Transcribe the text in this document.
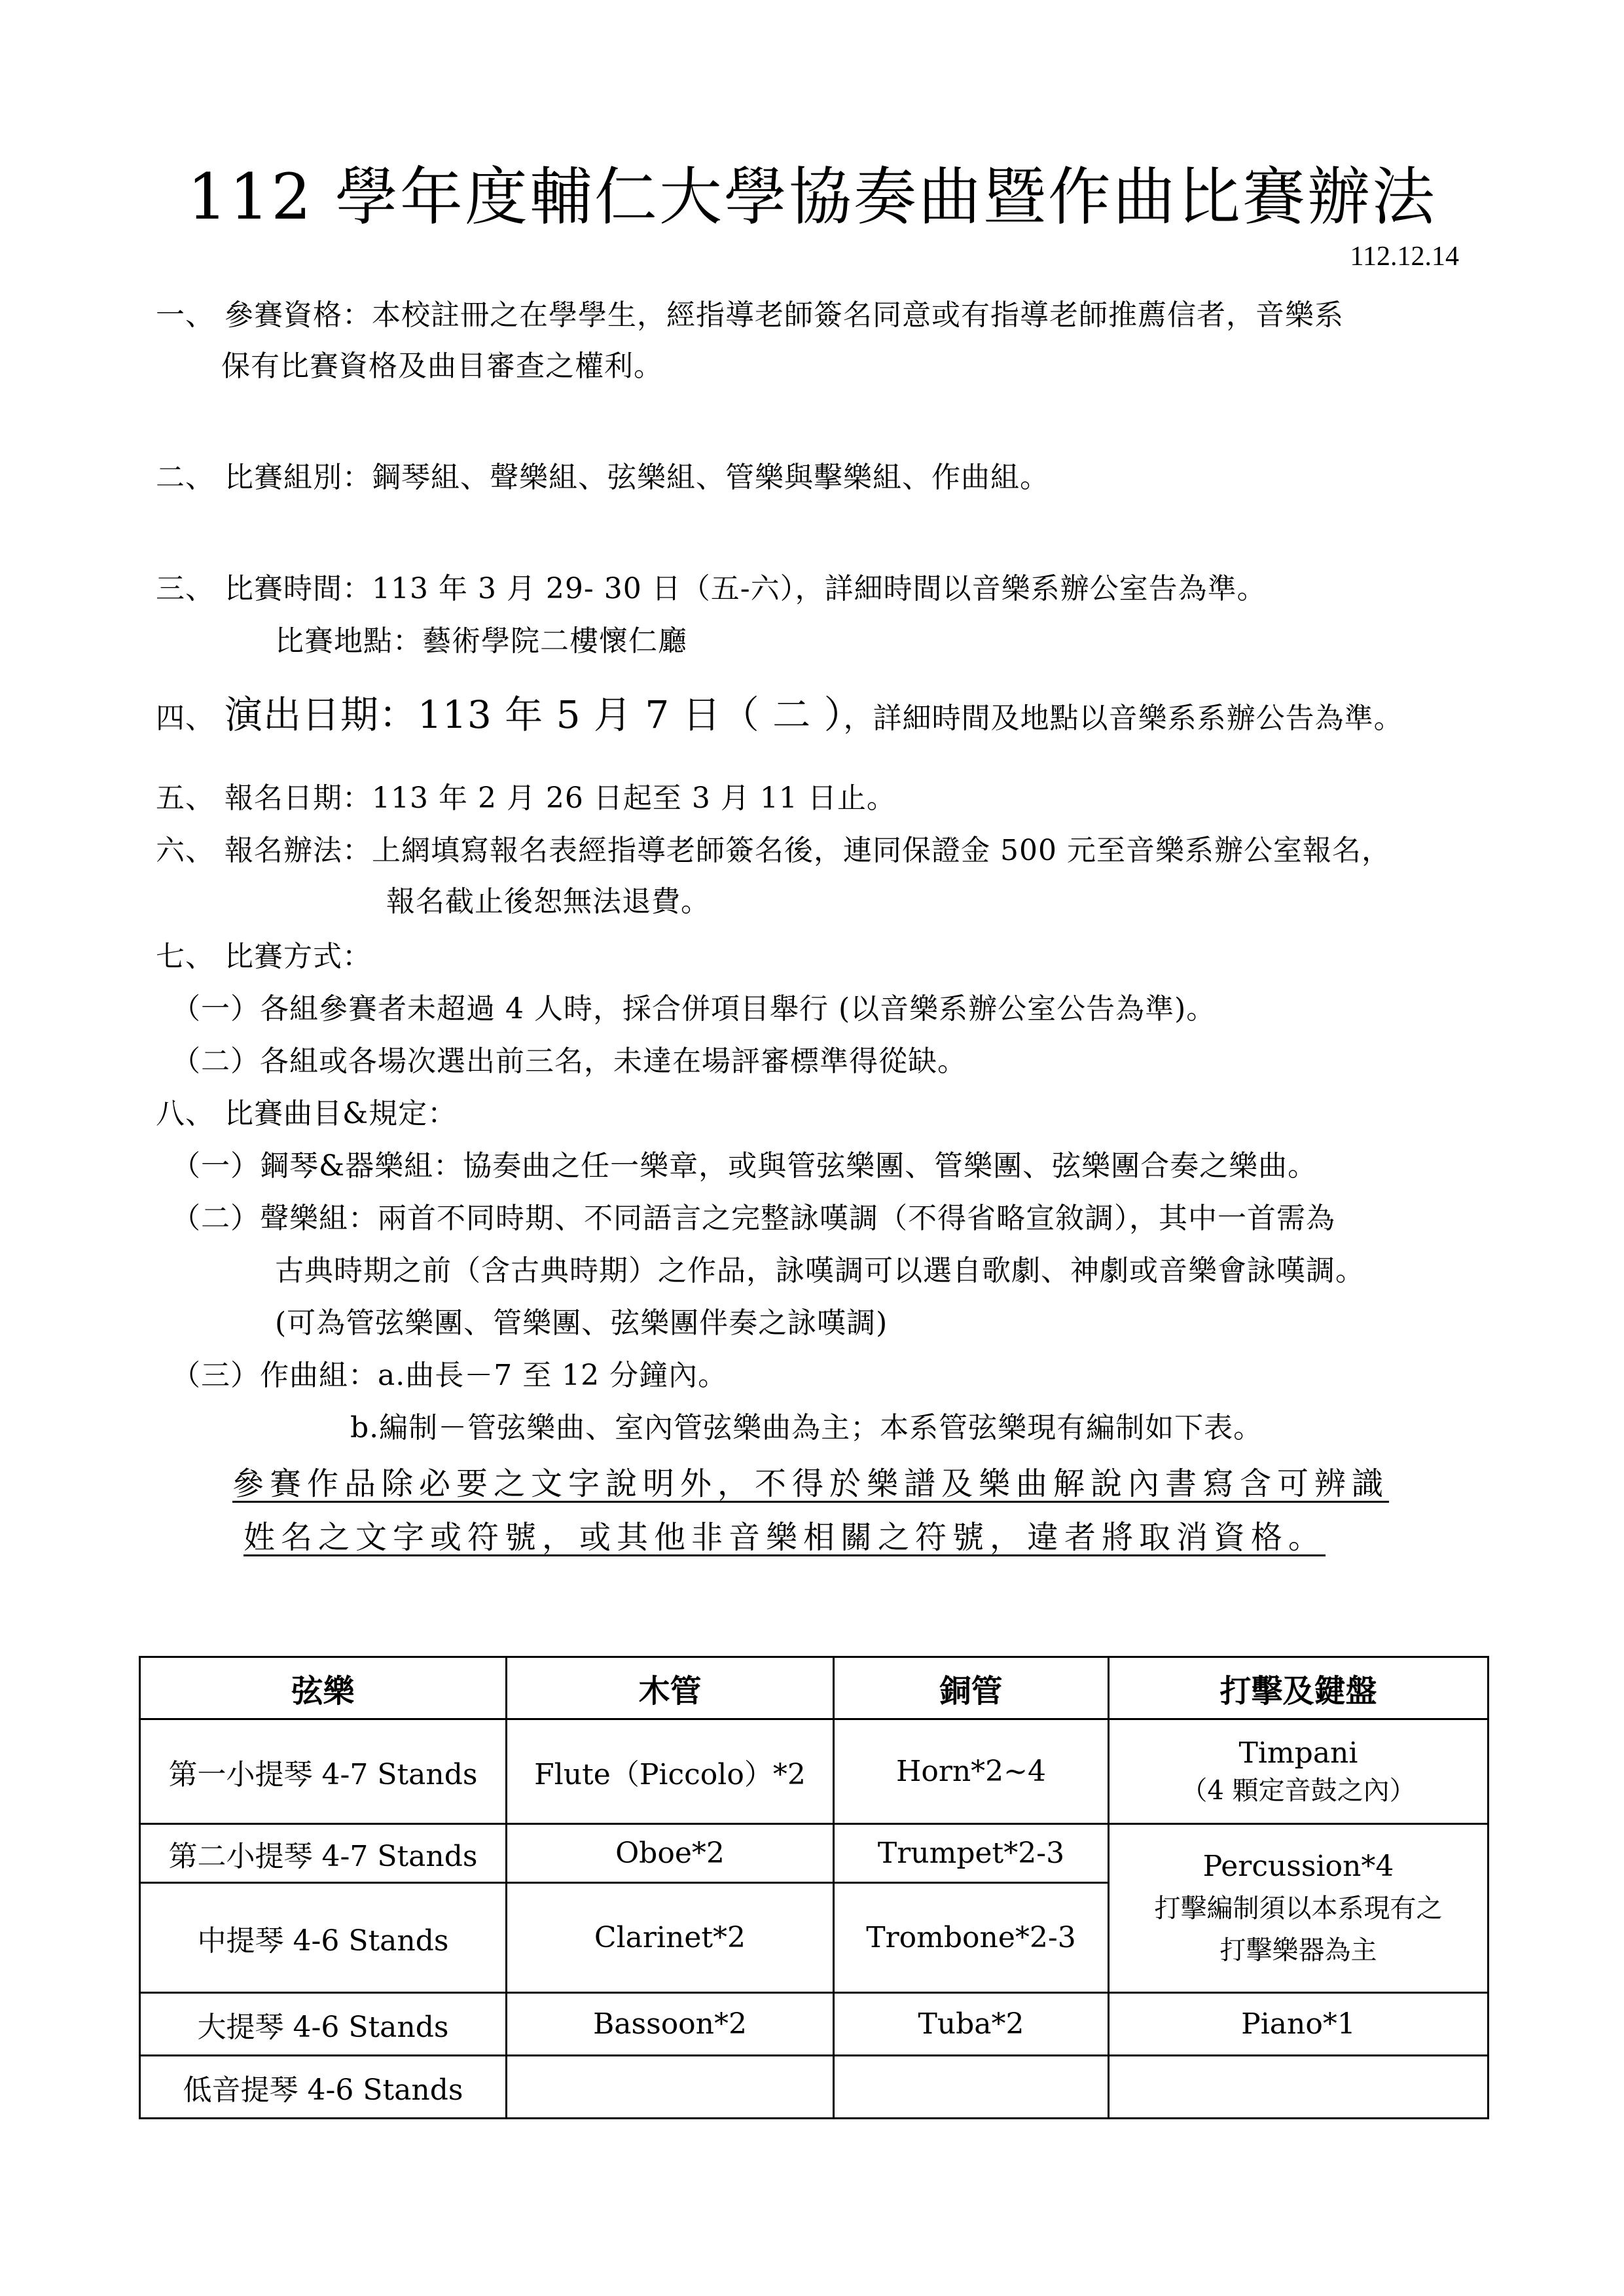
112 學年度輔仁大學協奏曲暨作曲比賽辦法
112.12.14
一、 參賽資格：本校註冊之在學學生，經指導老師簽名同意或有指導老師推薦信者，音樂系
保有比賽資格及曲目審查之權利。
二、 比賽組別：鋼琴組、聲樂組、弦樂組、管樂與擊樂組、作曲組。
三、 比賽時間：113 年 3 月 29- 30 日（五-六），詳細時間以音樂系辦公室告為準。
比賽地點：藝術學院二樓懷仁廳
四、 演出日期：113 年 5 月 7 日（ 二 ），詳細時間及地點以音樂系系辦公告為準。
五、 報名日期：113 年 2 月 26 日起至 3 月 11 日止。
六、 報名辦法：上網填寫報名表經指導老師簽名後，連同保證金 500 元至音樂系辦公室報名，
報名截止後恕無法退費。
七、 比賽方式：
（一）各組參賽者未超過 4 人時，採合併項目舉行 (以音樂系辦公室公告為準)。
（二）各組或各場次選出前三名，未達在場評審標準得從缺。
八、 比賽曲目&規定：
（一）鋼琴&器樂組：協奏曲之任一樂章，或與管弦樂團、管樂團、弦樂團合奏之樂曲。
（二）聲樂組：兩首不同時期、不同語言之完整詠嘆調（不得省略宣敘調），其中一首需為
古典時期之前（含古典時期）之作品，詠嘆調可以選自歌劇、神劇或音樂會詠嘆調。
(可為管弦樂團、管樂團、弦樂團伴奏之詠嘆調)
（三）作曲組：a.曲長－7 至 12 分鐘內。
b.編制－管弦樂曲、室內管弦樂曲為主；本系管弦樂現有編制如下表。
參賽作品除必要之文字說明外，不得於樂譜及樂曲解說內書寫含可辨識
姓名之文字或符號，或其他非音樂相關之符號，違者將取消資格。
弦樂	木管	銅管	打擊及鍵盤
第一小提琴 4-7 Stands	Flute（Piccolo）*2	Horn*2~4	Timpani
（4 顆定音鼓之內）

第二小提琴 4-7 Stands	Oboe*2	Trumpet*2-3	Percussion*4
打擊編制須以本系現有之
打擊樂器為主

中提琴 4-6 Stands	Clarinet*2	Trombone*2-3	
大提琴 4-6 Stands	Bassoon*2	Tuba*2	Piano*1
低音提琴 4-6 Stands			
